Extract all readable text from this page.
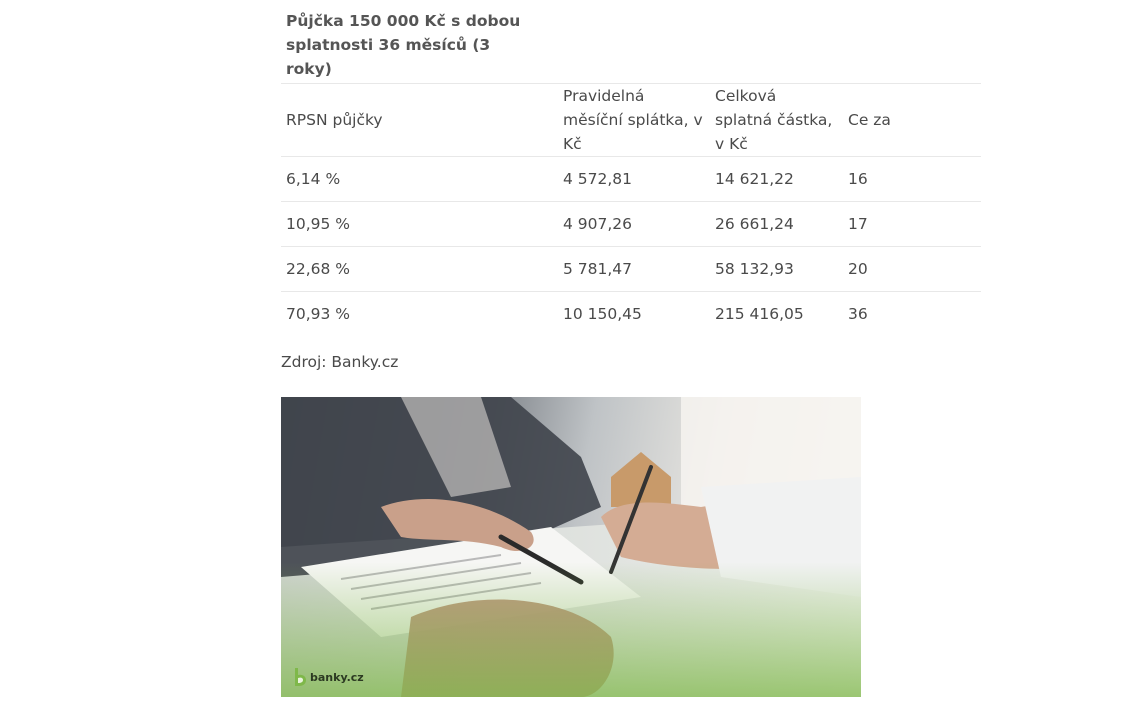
Půjčka 150 000 Kč s dobou splatnosti 36 měsíců (3 roky)			

RPSN půjčky	Pravidelná měsíční splátka, v Kč	Celková splatná částka, v Kč	Ce za
6,14 %	4 572,81	14 621,22	16
10,95 %	4 907,26	26 661,24	17
22,68 %	5 781,47	58 132,93	20
70,93 %	10 150,45	215 416,05	36
Zdroj: Banky.cz
banky.cz
